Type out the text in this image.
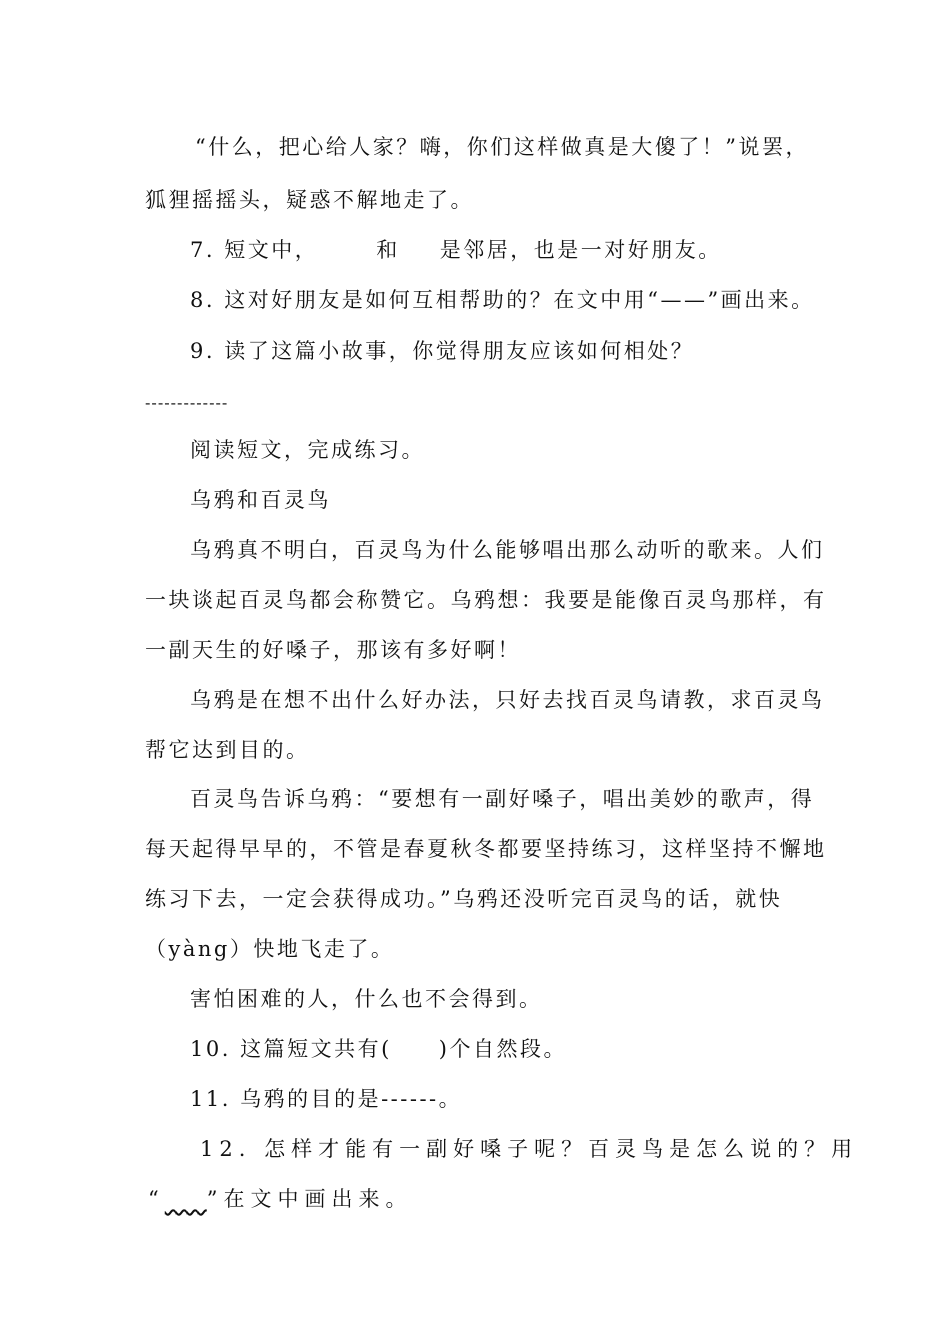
“什么，把心给人家？嗨，你们这样做真是大傻了！”说罢，
狐狸摇摇头，疑惑不解地走了。
7. 短文中，	和 是邻居，也是一对好朋友。
8. 这对好朋友是如何互相帮助的？在文中用“——”画出来。
9. 读了这篇小故事，你觉得朋友应该如何相处？
-------------
阅读短文，完成练习。
乌鸦和百灵鸟
乌鸦真不明白，百灵鸟为什么能够唱出那么动听的歌来。人们
一块谈起百灵鸟都会称赞它。乌鸦想：我要是能像百灵鸟那样，有
一副天生的好嗓子，那该有多好啊！
乌鸦是在想不出什么好办法，只好去找百灵鸟请教，求百灵鸟
帮它达到目的。
百灵鸟告诉乌鸦：“要想有一副好嗓子，唱出美妙的歌声，得
每天起得早早的，不管是春夏秋冬都要坚持练习，这样坚持不懈地
练习下去，一定会获得成功。”乌鸦还没听完百灵鸟的话，就快
（yàng）快地飞走了。
害怕困难的人，什么也不会得到。
10. 这篇短文共有(　　)个自然段。
11. 乌鸦的目的是------。
12. 怎样才能有一副好嗓子呢？百灵鸟是怎么说的？用
“　　 ”在文中画出来。
